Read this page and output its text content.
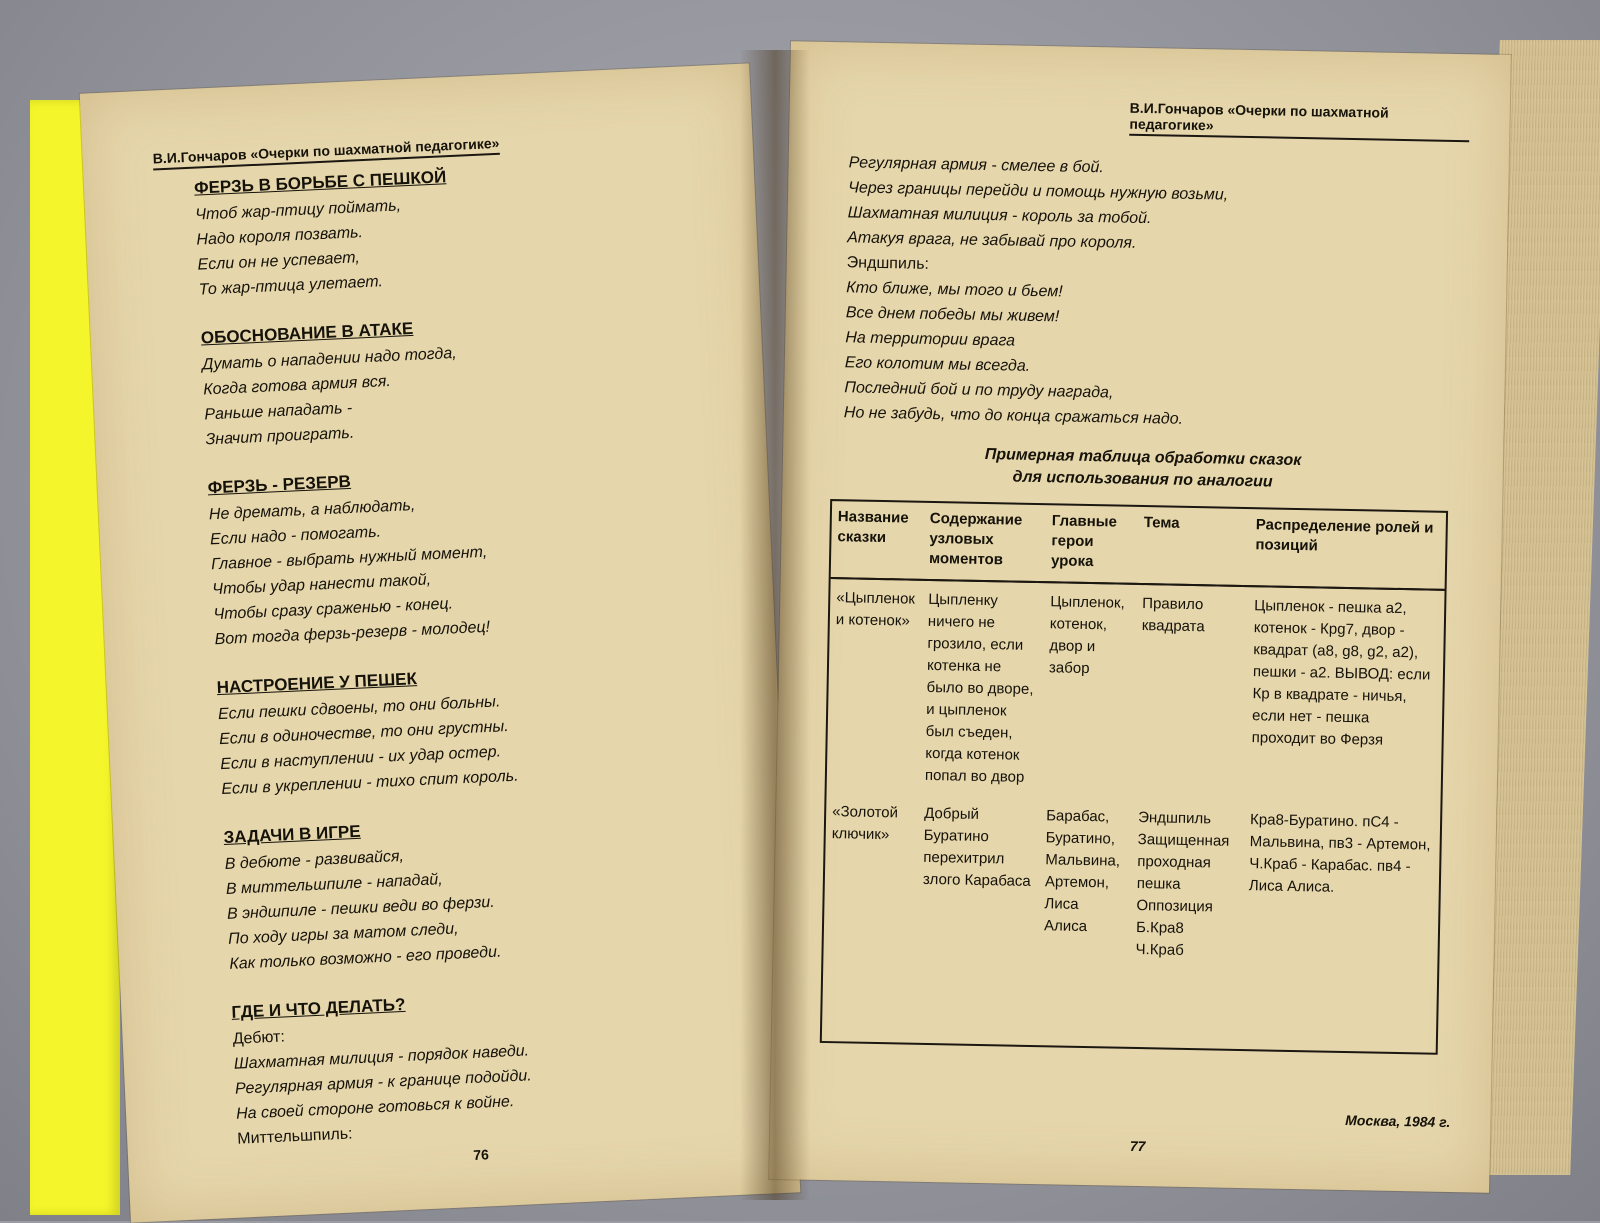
В.И.Гончаров «Очерки по шахматной педагогике»
ФЕРЗЬ В БОРЬБЕ С ПЕШКОЙ
Чтоб жар-птицу поймать,
Надо короля позвать.
Если он не успевает,
То жар-птица улетает.
ОБОСНОВАНИЕ В АТАКЕ
Думать о нападении надо тогда,
Когда готова армия вся.
Раньше нападать -
Значит проиграть.
ФЕРЗЬ - РЕЗЕРВ
Не дремать, а наблюдать,
Если надо - помогать.
Главное - выбрать нужный момент,
Чтобы удар нанести такой,
Чтобы сразу сраженью - конец.
Вот тогда ферзь-резерв - молодец!
НАСТРОЕНИЕ У ПЕШЕК
Если пешки сдвоены, то они больны.
Если в одиночестве, то они грустны.
Если в наступлении - их удар остер.
Если в укреплении - тихо спит король.
ЗАДАЧИ В ИГРЕ
В дебюте - развивайся,
В миттельшпиле - нападай,
В эндшпиле - пешки веди во ферзи.
По ходу игры за матом следи,
Как только возможно - его проведи.
ГДЕ И ЧТО ДЕЛАТЬ?
Дебют:
Шахматная милиция - порядок наведи.
Регулярная армия - к границе подойди.
На своей стороне готовься к войне.
Миттельшпиль:
76
В.И.Гончаров «Очерки по шахматной педагогике»
Регулярная армия - смелее в бой.
Через границы перейди и помощь нужную возьми,
Шахматная милиция - король за тобой.
Атакуя врага, не забывай про короля.
Эндшпиль:
Кто ближе, мы того и бьем!
Все днем победы мы живем!
На территории врага
Его колотим мы всегда.
Последний бой и по труду награда,
Но не забудь, что до конца сражаться надо.
Примерная таблица обработки сказок
для использования по аналогии
Название сказки	Содержание узловых моментов	Главные герои урока	Тема	Распределение ролей и позиций
«Цыпленок и котенок»	Цыпленку ничего не грозило, если котенка не было во дворе, и цыпленок был съеден, когда котенок попал во двор	Цыпленок, котенок, двор и забор	Правило квадрата	Цыпленок - пешка а2, котенок - Крg7, двор - квадрат (а8, g8, g2, а2), пешки - а2. ВЫВОД: если Кр в квадрате - ничья, если нет - пешка проходит во Ферзя
«Золотой ключик»	Добрый Буратино перехитрил злого Карабаса	Барабас, Буратино, Мальвина, Артемон, Лиса Алиса	Эндшпиль Защищенная проходная пешка Оппозиция Б.Кра8 Ч.Краб	Кра8-Буратино. пС4 - Мальвина, пв3 - Артемон, Ч.Краб - Карабас. пв4 - Лиса Алиса.
Москва, 1984 г.
77
